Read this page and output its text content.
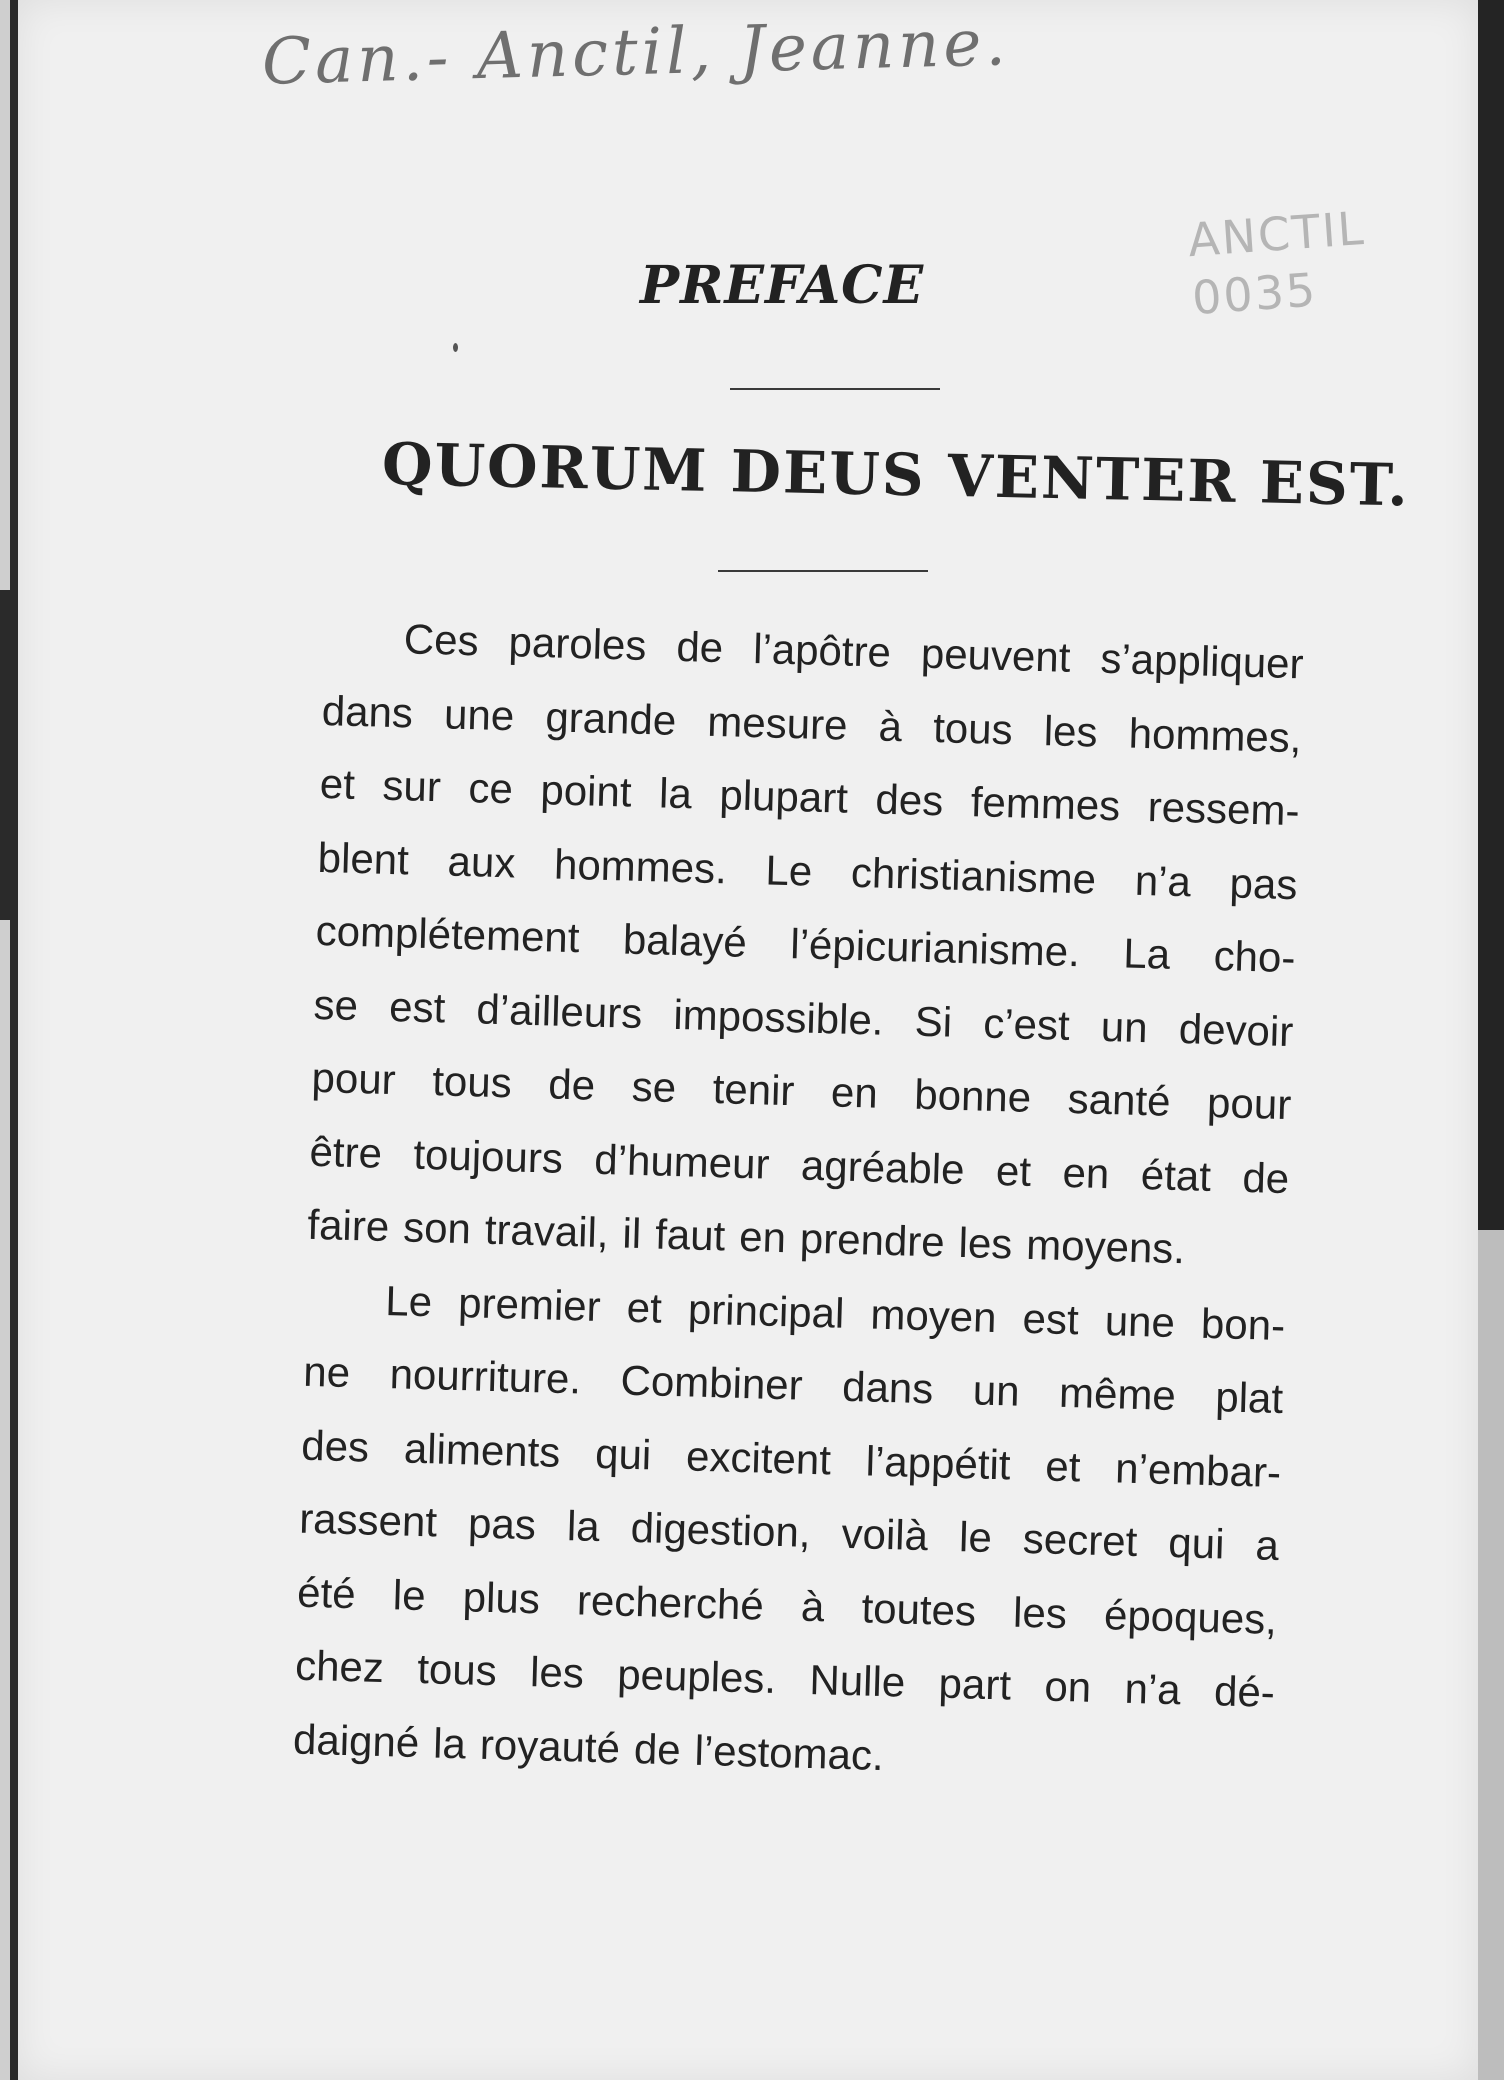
Can.- Anctil, Jeanne.
ANCTIL
0035
PREFACE
QUORUM DEUS VENTER EST.
Ces paroles de l’apôtre peuvent s’appliquer
dans une grande mesure à tous les hommes,
et sur ce point la plupart des femmes ressem-
blent aux hommes. Le christianisme n’a pas
complétement balayé l’épicurianisme. La cho-
se est d’ailleurs impossible. Si c’est un devoir
pour tous de se tenir en bonne santé pour
être toujours d’humeur agréable et en état de
faire son travail, il faut en prendre les moyens.
Le premier et principal moyen est une bon-
ne nourriture. Combiner dans un même plat
des aliments qui excitent l’appétit et n’embar-
rassent pas la digestion, voilà le secret qui a
été le plus recherché à toutes les époques,
chez tous les peuples. Nulle part on n’a dé-
daigné la royauté de l’estomac.
